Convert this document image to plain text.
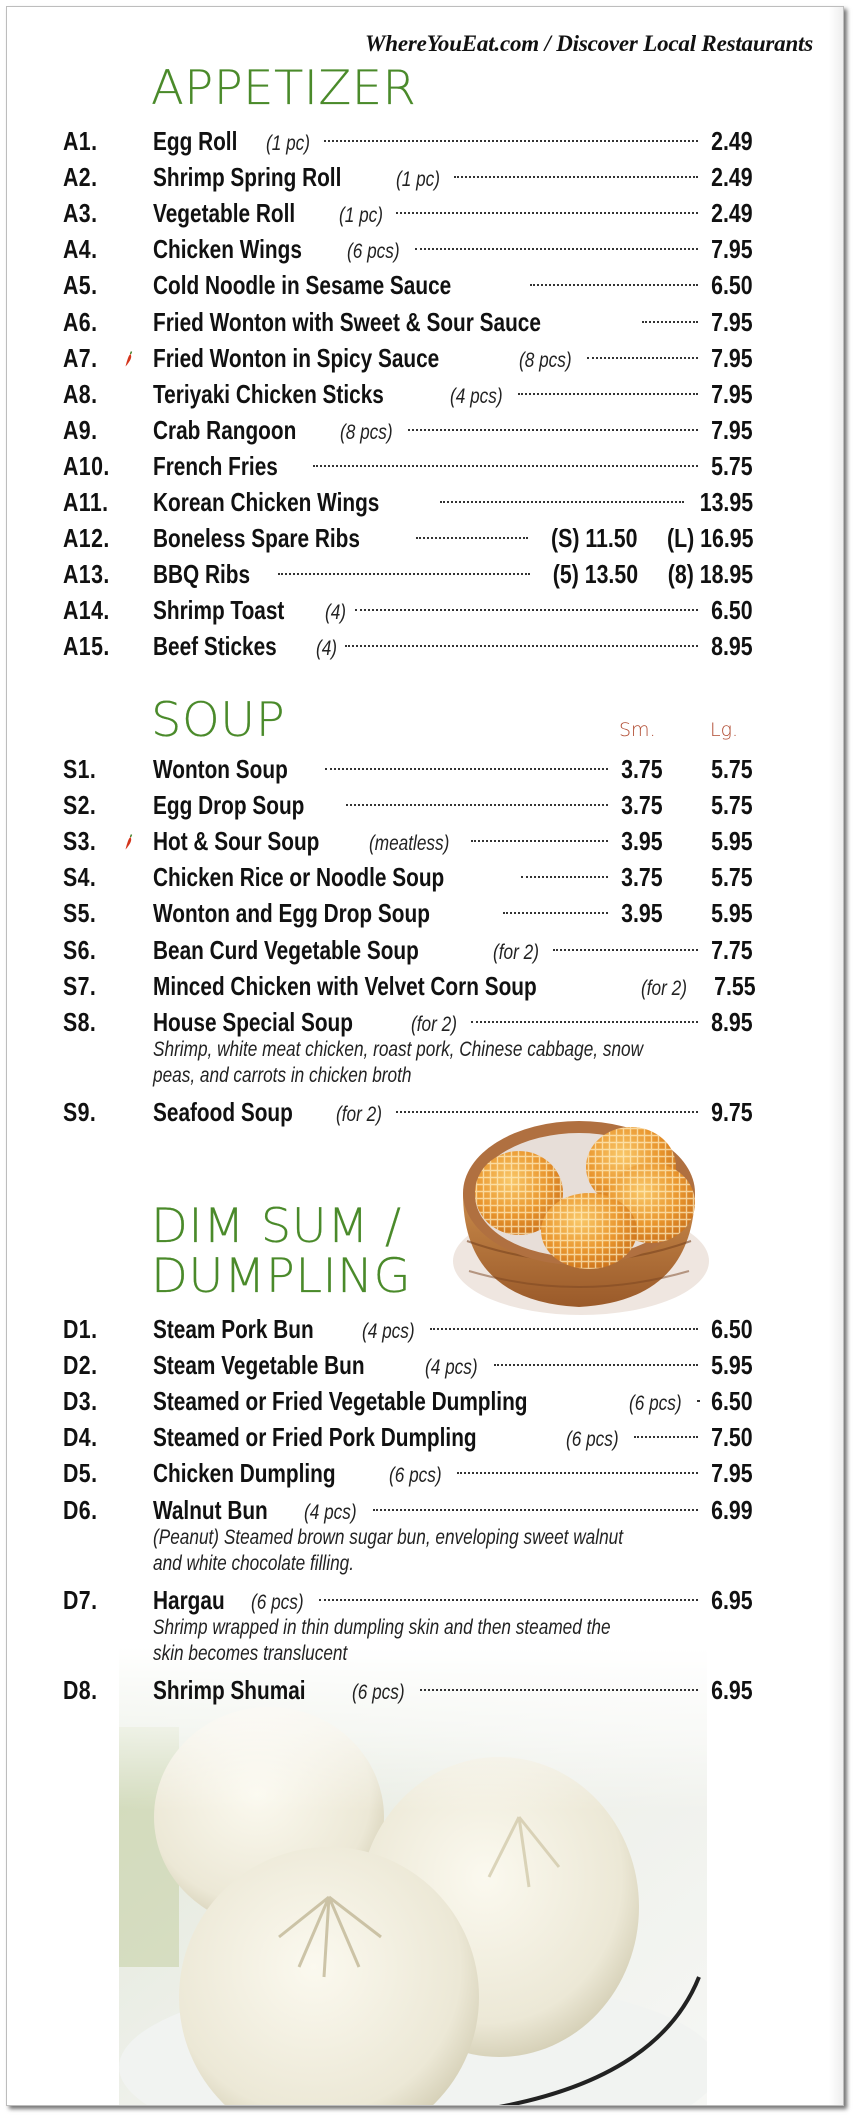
WhereYouEat.com / Discover Local Restaurants
APPETIZER
A1. Egg Roll (1 pc)	2.49
A2. Shrimp Spring Roll	(1 pc)	2.49
A3. Vegetable Roll (1 pc)	2.49
A4. Chicken Wings (6 pcs)	7.95
A5. Cold Noodle in Sesame Sauce	6.50
A6. Fried Wonton with Sweet & Sour Sauce	7.95
A7. Fried Wonton in Spicy Sauce	(8 pcs)	7.95
A8. Teriyaki Chicken Sticks	(4 pcs)	7.95
A9. Crab Rangoon (8 pcs)	7.95
A10. French Fries	5.75
A11. Korean Chicken Wings	13.95
A12. Boneless Spare Ribs	(S) 11.50 (L) 16.95
A13. BBQ Ribs	(5) 13.50 (8) 18.95
A14. Shrimp Toast (4)	6.50
A15. Beef Stickes (4)	8.95
SOUP	Sm.	Lg.
S1. Wonton Soup	3.75 5.75
S2. Egg Drop Soup	3.75 5.75
S3. Hot & Sour Soup (meatless)	3.95 5.95
S4. Chicken Rice or Noodle Soup	3.75 5.75
S5. Wonton and Egg Drop Soup	3.95 5.95
S6. Bean Curd Vegetable Soup	(for 2)	7.75
S7. Minced Chicken with Velvet Corn Soup	(for 2)	7.55
S8. House Special Soup	(for 2)	8.95
Shrimp, white meat chicken, roast pork, Chinese cabbage, snow
peas, and carrots in chicken broth
S9. Seafood Soup (for 2)	9.75
DIM SUM /
DUMPLING
D1. Steam Pork Bun (4 pcs)	6.50
D2. Steam Vegetable Bun	(4 pcs)	5.95
D3. Steamed or Fried Vegetable Dumpling	(6 pcs)	6.50
D4. Steamed or Fried Pork Dumpling	(6 pcs)	7.50
D5. Chicken Dumpling	(6 pcs)	7.95
D6. Walnut Bun (4 pcs)	6.99
(Peanut) Steamed brown sugar bun, enveloping sweet walnut
and white chocolate filling.
D7. Hargau (6 pcs)	6.95
Shrimp wrapped in thin dumpling skin and then steamed the
skin becomes translucent
D8. Shrimp Shumai (6 pcs)	6.95
